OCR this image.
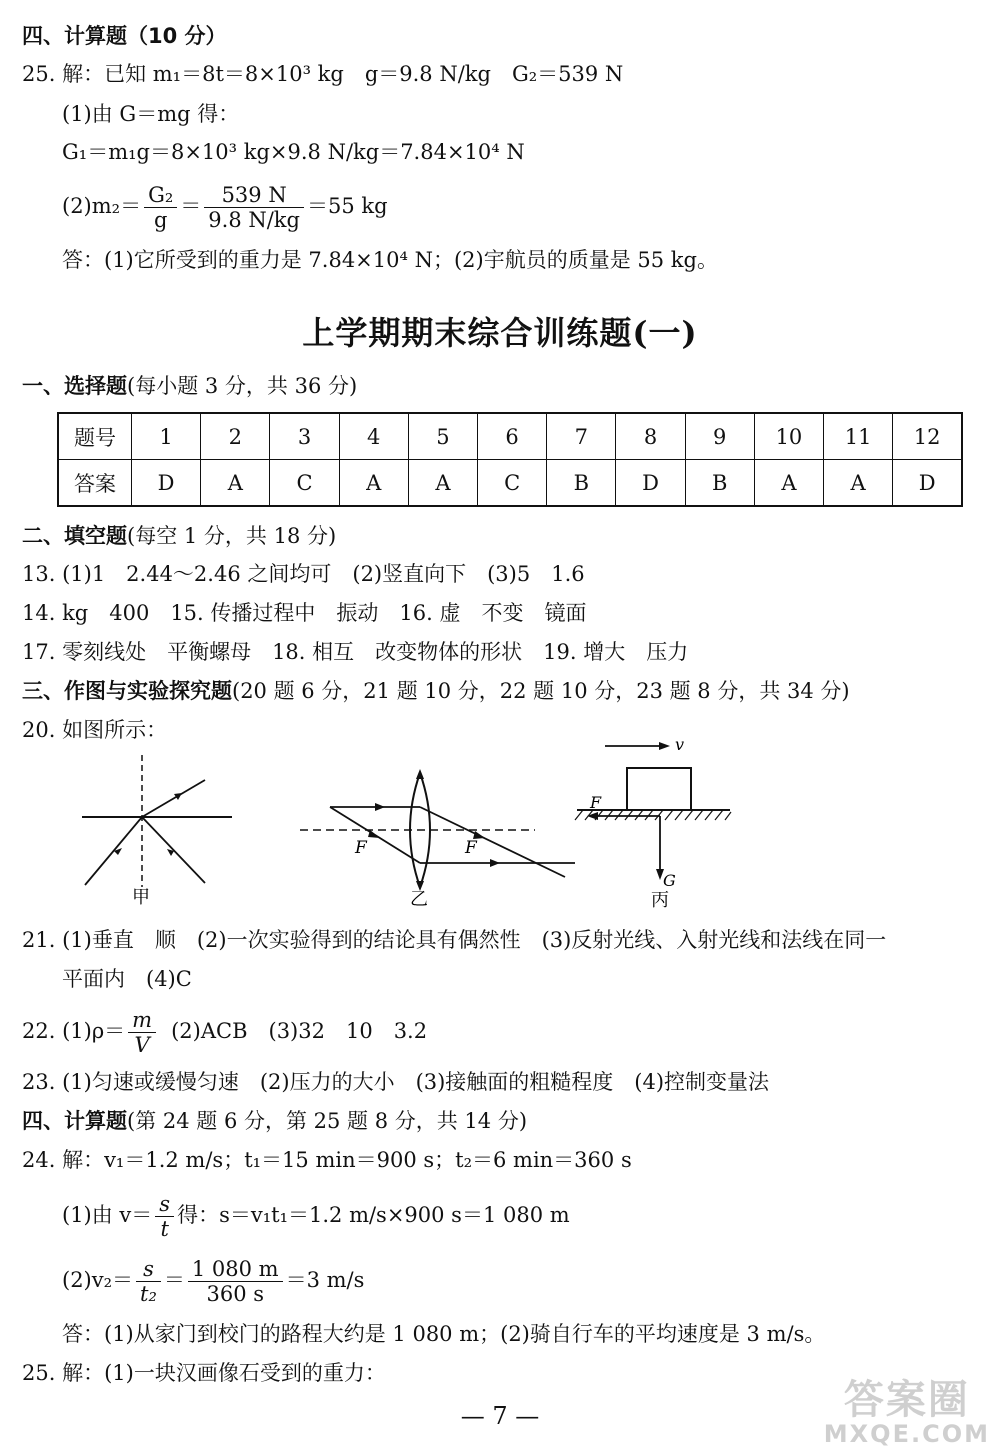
四、计算题（10 分）
25. 解：已知 m₁＝8t＝8×10³ kg　g＝9.8 N/kg　G₂＝539 N
(1)由 G＝mg 得：
G₁＝m₁g＝8×10³ kg×9.8 N/kg＝7.84×10⁴ N
$(2)m_2= \frac{\text{G₂}}{g} = \frac{539 N}{9.8 N/kg} =55$ kg
答：(1)它所受到的重力是 7.84×10⁴ N；(2)宇航员的质量是 55 kg。
上学期期末综合训练题(一)
一、选择题(每小题 3 分，共 36 分)
题号	1	2	3	4	5	6	7	8	9	10	11	12
答案	D	A	C	A	A	C	B	D	B	A	A	D
二、填空题(每空 1 分，共 18 分)
13. (1)1　2.44～2.46 之间均可　(2)竖直向下　(3)5　1.6
14. kg　400　15. 传播过程中　振动　16. 虚　不变　镜面
17. 零刻线处　平衡螺母　18. 相互　改变物体的形状　19. 增大　压力
三、作图与实验探究题(20 题 6 分，21 题 10 分，22 题 10 分，23 题 8 分，共 34 分)
20. 如图所示：
甲
F	F
乙
v
F
G
丙
21. (1)垂直　顺　(2)一次实验得到的结论具有偶然性　(3)反射光线、入射光线和法线在同一
平面内　(4)C
22. $(1)\rho= \frac{m}{V} (2)ACB$　(3)32　10　3.2
23. (1)匀速或缓慢匀速　(2)压力的大小　(3)接触面的粗糙程度　(4)控制变量法
四、计算题(第 24 题 6 分，第 25 题 8 分，共 14 分)
24. 解：v₁＝1.2 m/s；t₁＝15 min＝900 s；t₂＝6 min＝360 s
(1)由 $v= \frac{s}{t}$ 得：s＝v₁t₁＝1.2 m/s×900 s＝1 080 m
$(2)v_2= \frac{s}{\text{t₂}} = \frac{1 080 m}{360 s} =3$ m/s
答：(1)从家门到校门的路程大约是 1 080 m；(2)骑自行车的平均速度是 3 m/s。
25. 解：(1)一块汉画像石受到的重力：
— 7 —	答案圈
MXQE.COM
